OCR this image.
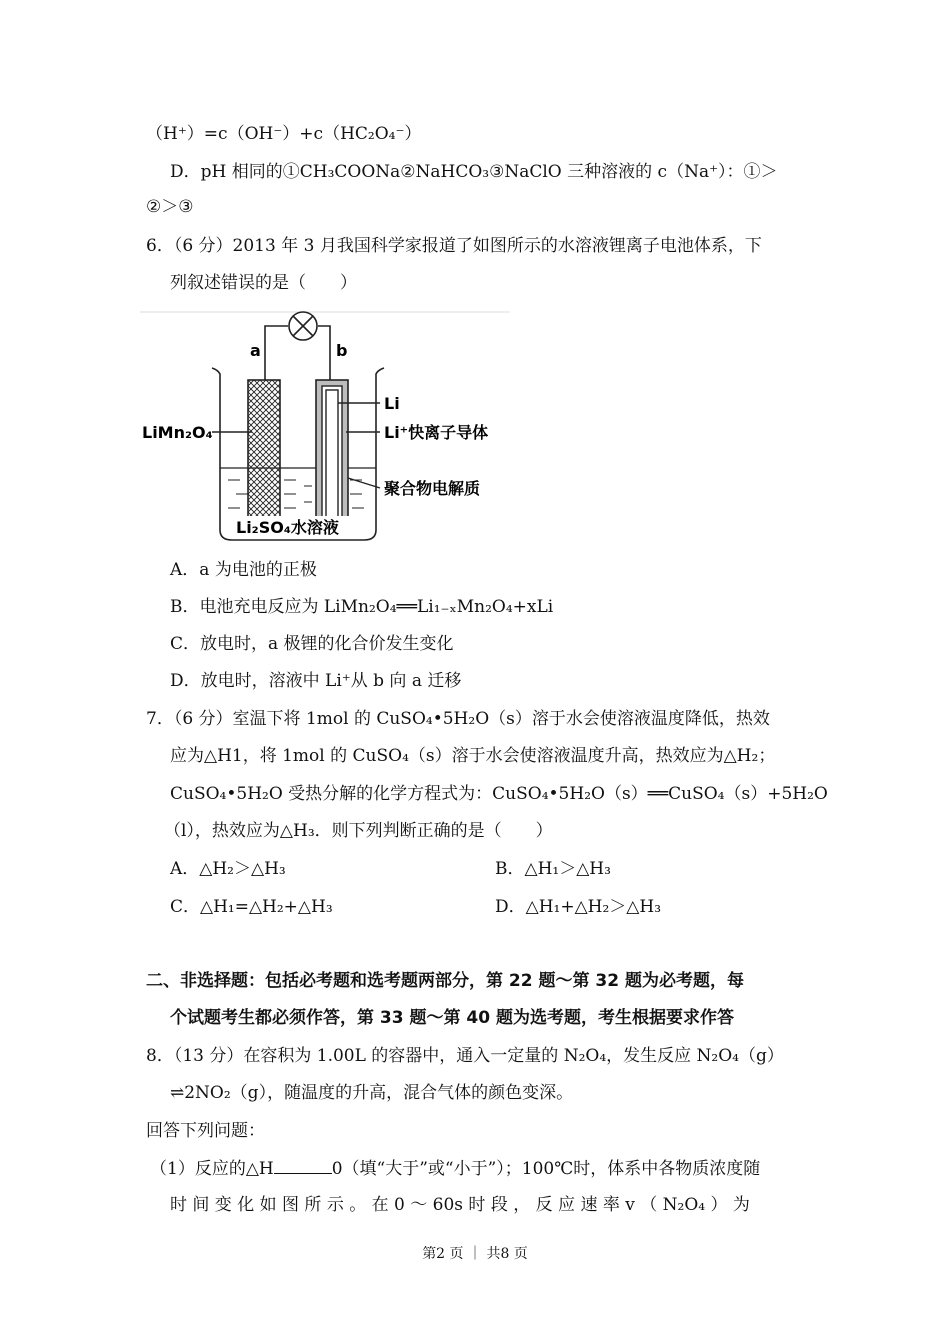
（H⁺）=c（OH⁻）+c（HC₂O₄⁻）
D．pH 相同的①CH₃COONa②NaHCO₃③NaClO 三种溶液的 c（Na⁺）：①＞
②＞③
6．（6 分）2013 年 3 月我国科学家报道了如图所示的水溶液锂离子电池体系，下
列叙述错误的是（　　）
a	b
Li
Li⁺快离子导体
聚合物电解质
LiMn₂O₄
Li₂SO₄水溶液
A．a 为电池的正极
B．电池充电反应为 LiMn₂O₄══Li₁₋ₓMn₂O₄+xLi
C．放电时，a 极锂的化合价发生变化
D．放电时，溶液中 Li⁺从 b 向 a 迁移
7．（6 分）室温下将 1mol 的 CuSO₄•5H₂O（s）溶于水会使溶液温度降低，热效
应为△H1，将 1mol 的 CuSO₄（s）溶于水会使溶液温度升高，热效应为△H₂；
CuSO₄•5H₂O 受热分解的化学方程式为：CuSO₄•5H₂O（s）══CuSO₄（s）+5H₂O
（l），热效应为△H₃．则下列判断正确的是（　　）
A．△H₂＞△H₃	B．△H₁＞△H₃
C．△H₁=△H₂+△H₃	D．△H₁+△H₂＞△H₃
二、非选择题：包括必考题和选考题两部分，第 22 题～第 32 题为必考题，每
个试题考生都必须作答，第 33 题～第 40 题为选考题，考生根据要求作答
8．（13 分）在容积为 1.00L 的容器中，通入一定量的 N₂O₄，发生反应 N₂O₄（g）
⇌2NO₂（g），随温度的升高，混合气体的颜色变深。
回答下列问题：
（1）反应的△H	0（填“大于”或“小于”）；100℃时，体系中各物质浓度随
时 间 变 化 如 图 所 示 。 在 0 ～ 60s 时 段 ， 反 应 速 率 v （ N₂O₄ ） 为
第2 页 ｜ 共8 页
